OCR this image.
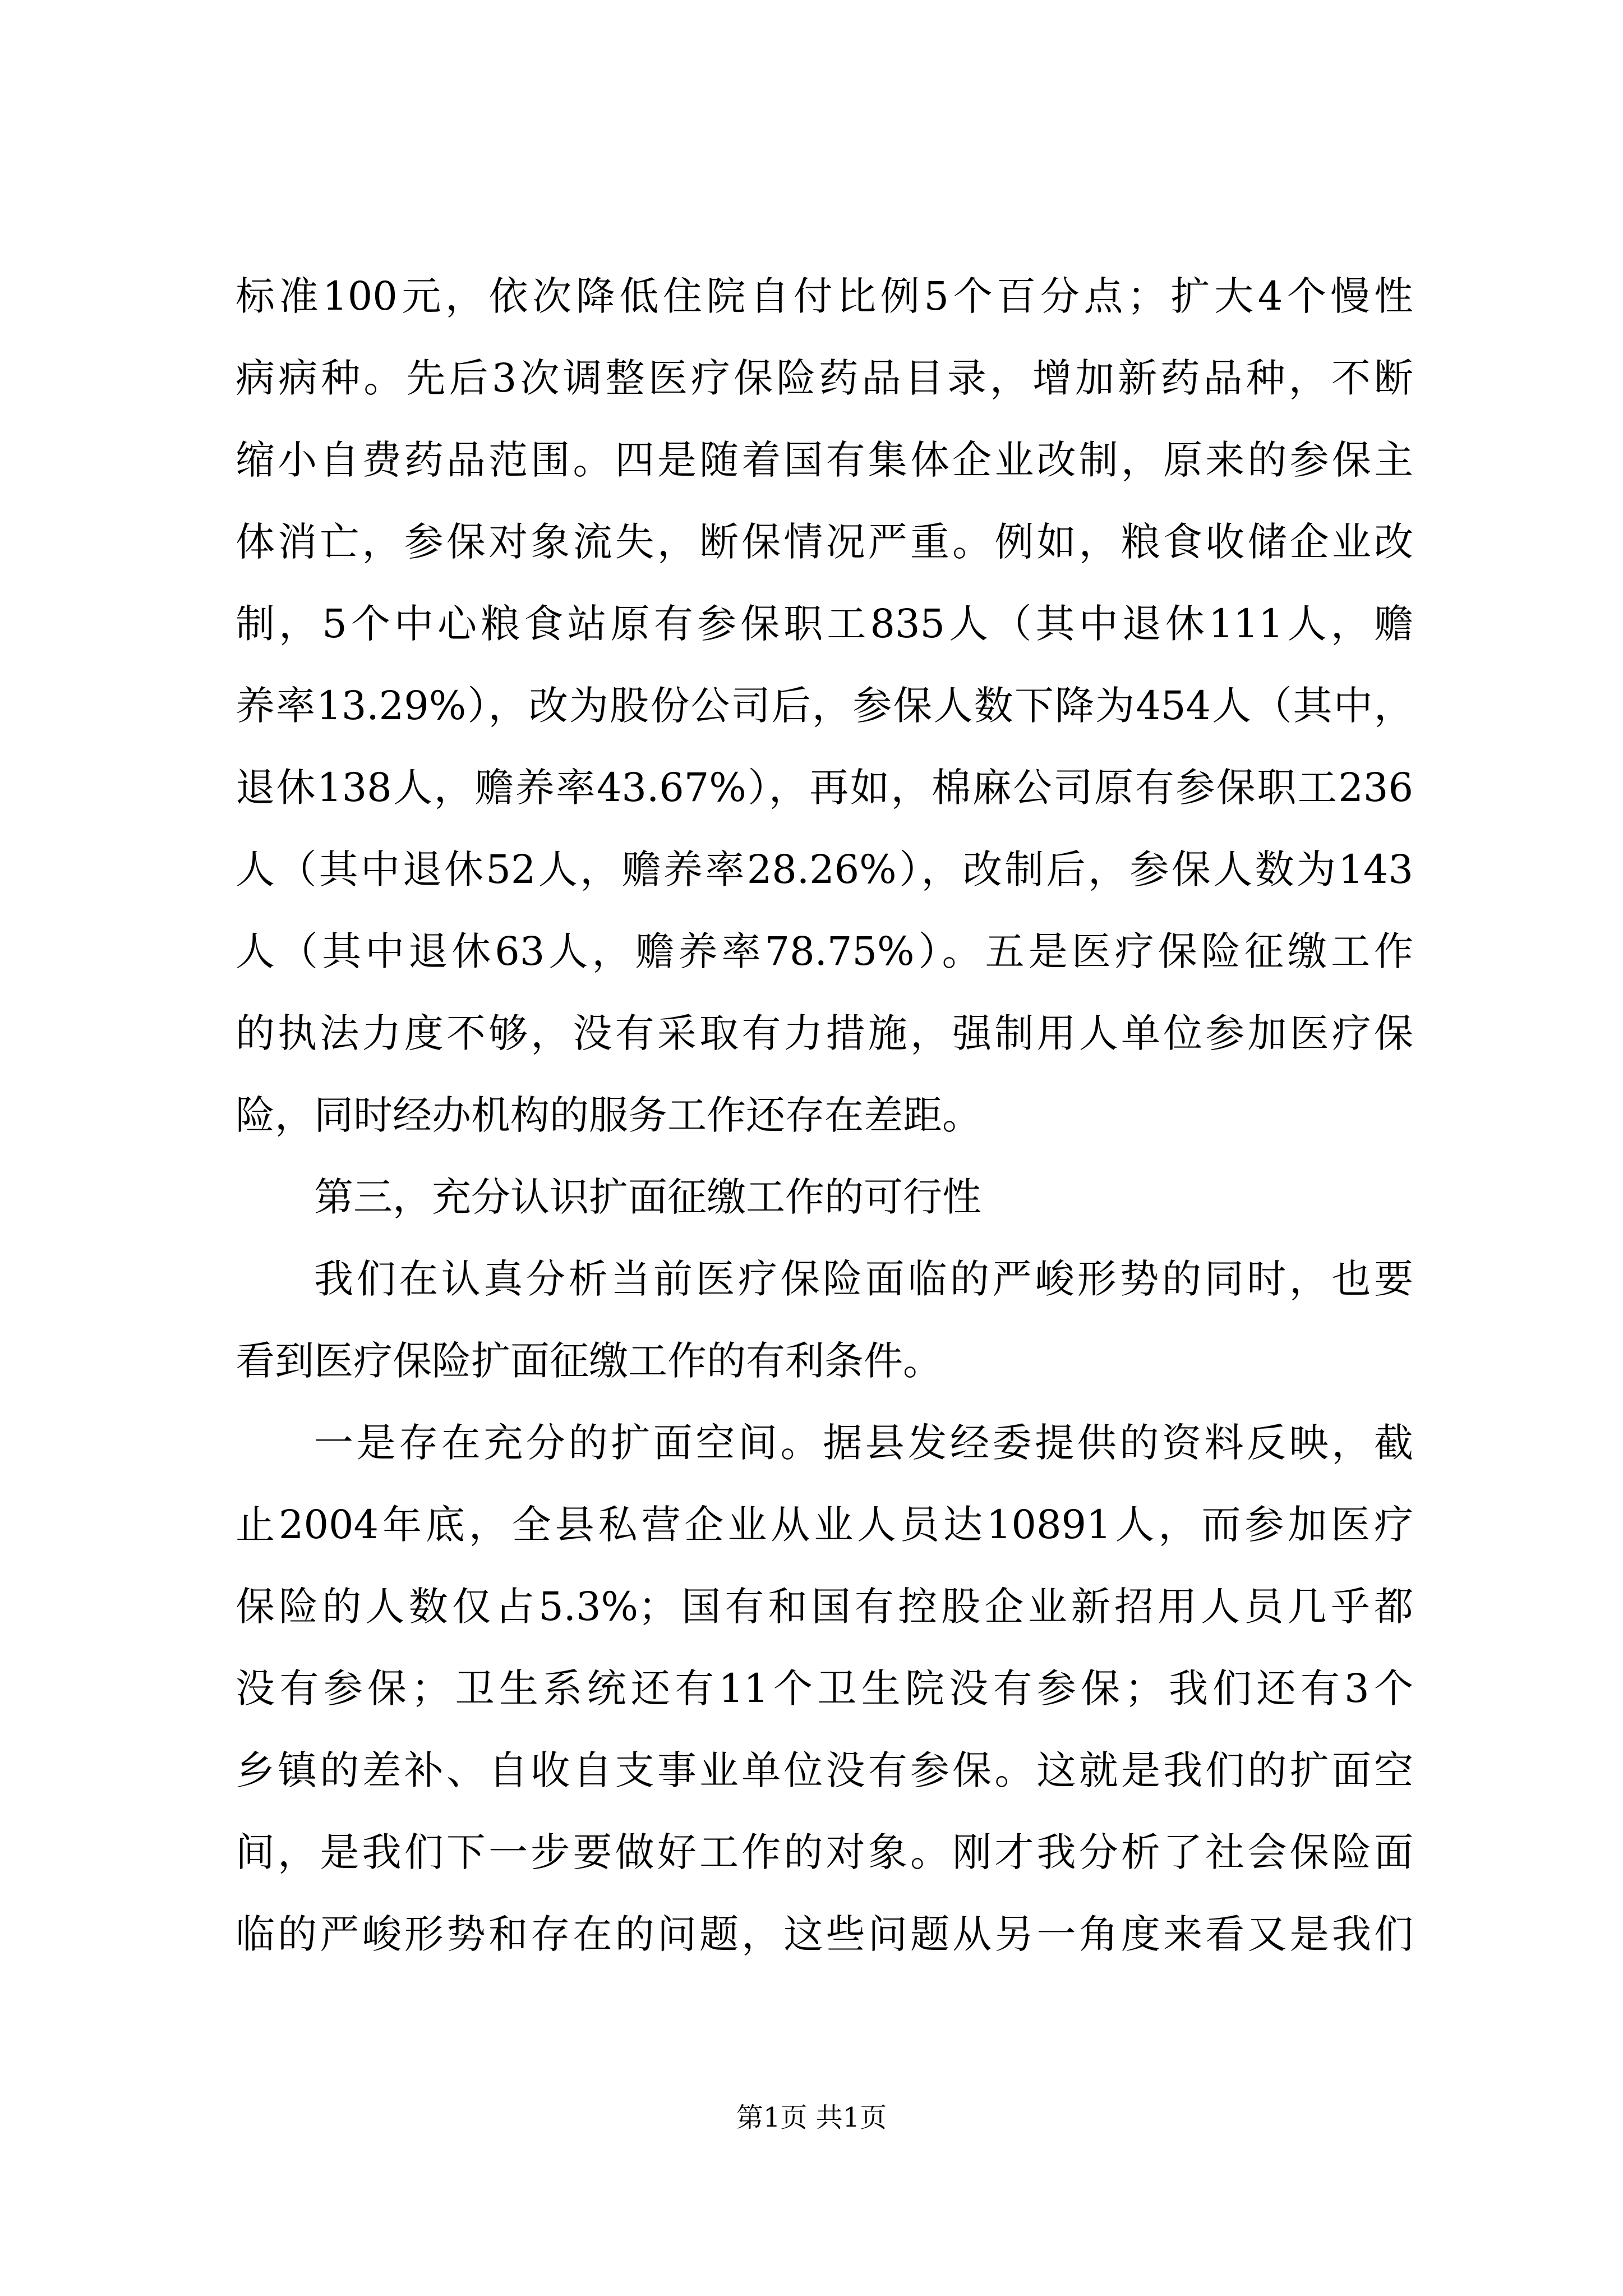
标准100元，依次降低住院自付比例5个百分点；扩大4个慢性
病病种。先后3次调整医疗保险药品目录，增加新药品种，不断
缩小自费药品范围。四是随着国有集体企业改制，原来的参保主
体消亡，参保对象流失，断保情况严重。例如，粮食收储企业改
制，5个中心粮食站原有参保职工835人（其中退休111人，赡
养率13.29%），改为股份公司后，参保人数下降为454人（其中，
退休138人，赡养率43.67%），再如，棉麻公司原有参保职工236
人（其中退休52人，赡养率28.26%），改制后，参保人数为143
人（其中退休63人，赡养率78.75%）。五是医疗保险征缴工作
的执法力度不够，没有采取有力措施，强制用人单位参加医疗保
险，同时经办机构的服务工作还存在差距。
第三，充分认识扩面征缴工作的可行性
我们在认真分析当前医疗保险面临的严峻形势的同时，也要
看到医疗保险扩面征缴工作的有利条件。
一是存在充分的扩面空间。据县发经委提供的资料反映，截
止2004年底，全县私营企业从业人员达10891人，而参加医疗
保险的人数仅占5.3%；国有和国有控股企业新招用人员几乎都
没有参保；卫生系统还有11个卫生院没有参保；我们还有3个
乡镇的差补、自收自支事业单位没有参保。这就是我们的扩面空
间，是我们下一步要做好工作的对象。刚才我分析了社会保险面
临的严峻形势和存在的问题，这些问题从另一角度来看又是我们
第1页 共1页
